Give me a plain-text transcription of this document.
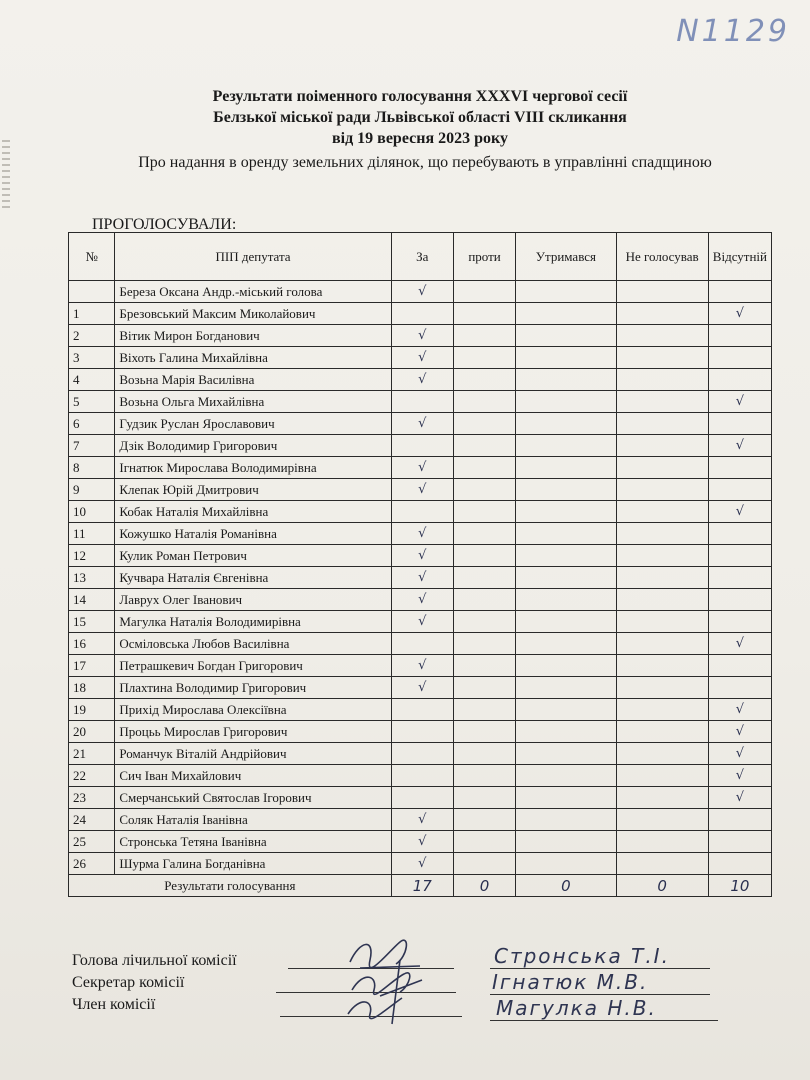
N1129
Результати поіменного голосування XXXVI чергової сесії
Белзької міської ради Львівської області VIII скликання
від 19 вересня 2023 року
Про надання в оренду земельних ділянок, що перебувають в управлінні спадщиною
ПРОГОЛОСУВАЛИ:
№	ПІП депутата	За	проти	Утримався	Не голосував	Відсутній
	Береза Оксана Андр.-міський голова	√				
1	Брезовський Максим Миколайович					√
2	Вітик Мирон Богданович	√				
3	Віхоть Галина Михайлівна	√				
4	Возьна Марія Василівна	√				
5	Возьна Ольга Михайлівна					√
6	Гудзик Руслан Ярославович	√				
7	Дзік Володимир Григорович					√
8	Ігнатюк Мирослава Володимирівна	√				
9	Клепак Юрій Дмитрович	√				
10	Кобак Наталія Михайлівна					√
11	Кожушко Наталія Романівна	√				
12	Кулик Роман Петрович	√				
13	Кучвара Наталія Євгенівна	√				
14	Лаврух Олег Іванович	√				
15	Магулка Наталія Володимирівна	√				
16	Осміловська Любов Василівна					√
17	Петрашкевич Богдан Григорович	√				
18	Плахтина Володимир Григорович	√				
19	Прихід Мирослава Олексіївна					√
20	Процьь Мирослав Григорович					√
21	Романчук Віталій Андрійович					√
22	Сич Іван Михайлович					√
23	Смерчанський Святослав Ігорович					√
24	Соляк Наталія Іванівна	√				
25	Стронська Тетяна Іванівна	√				
26	Шурма Галина Богданівна	√				
Результати голосування		17	0	0	0	10
Голова лічильної комісії
Секретар комісії
Член комісії
Стронська Т.І.
Ігнатюк М.В.
Магулка Н.В.
